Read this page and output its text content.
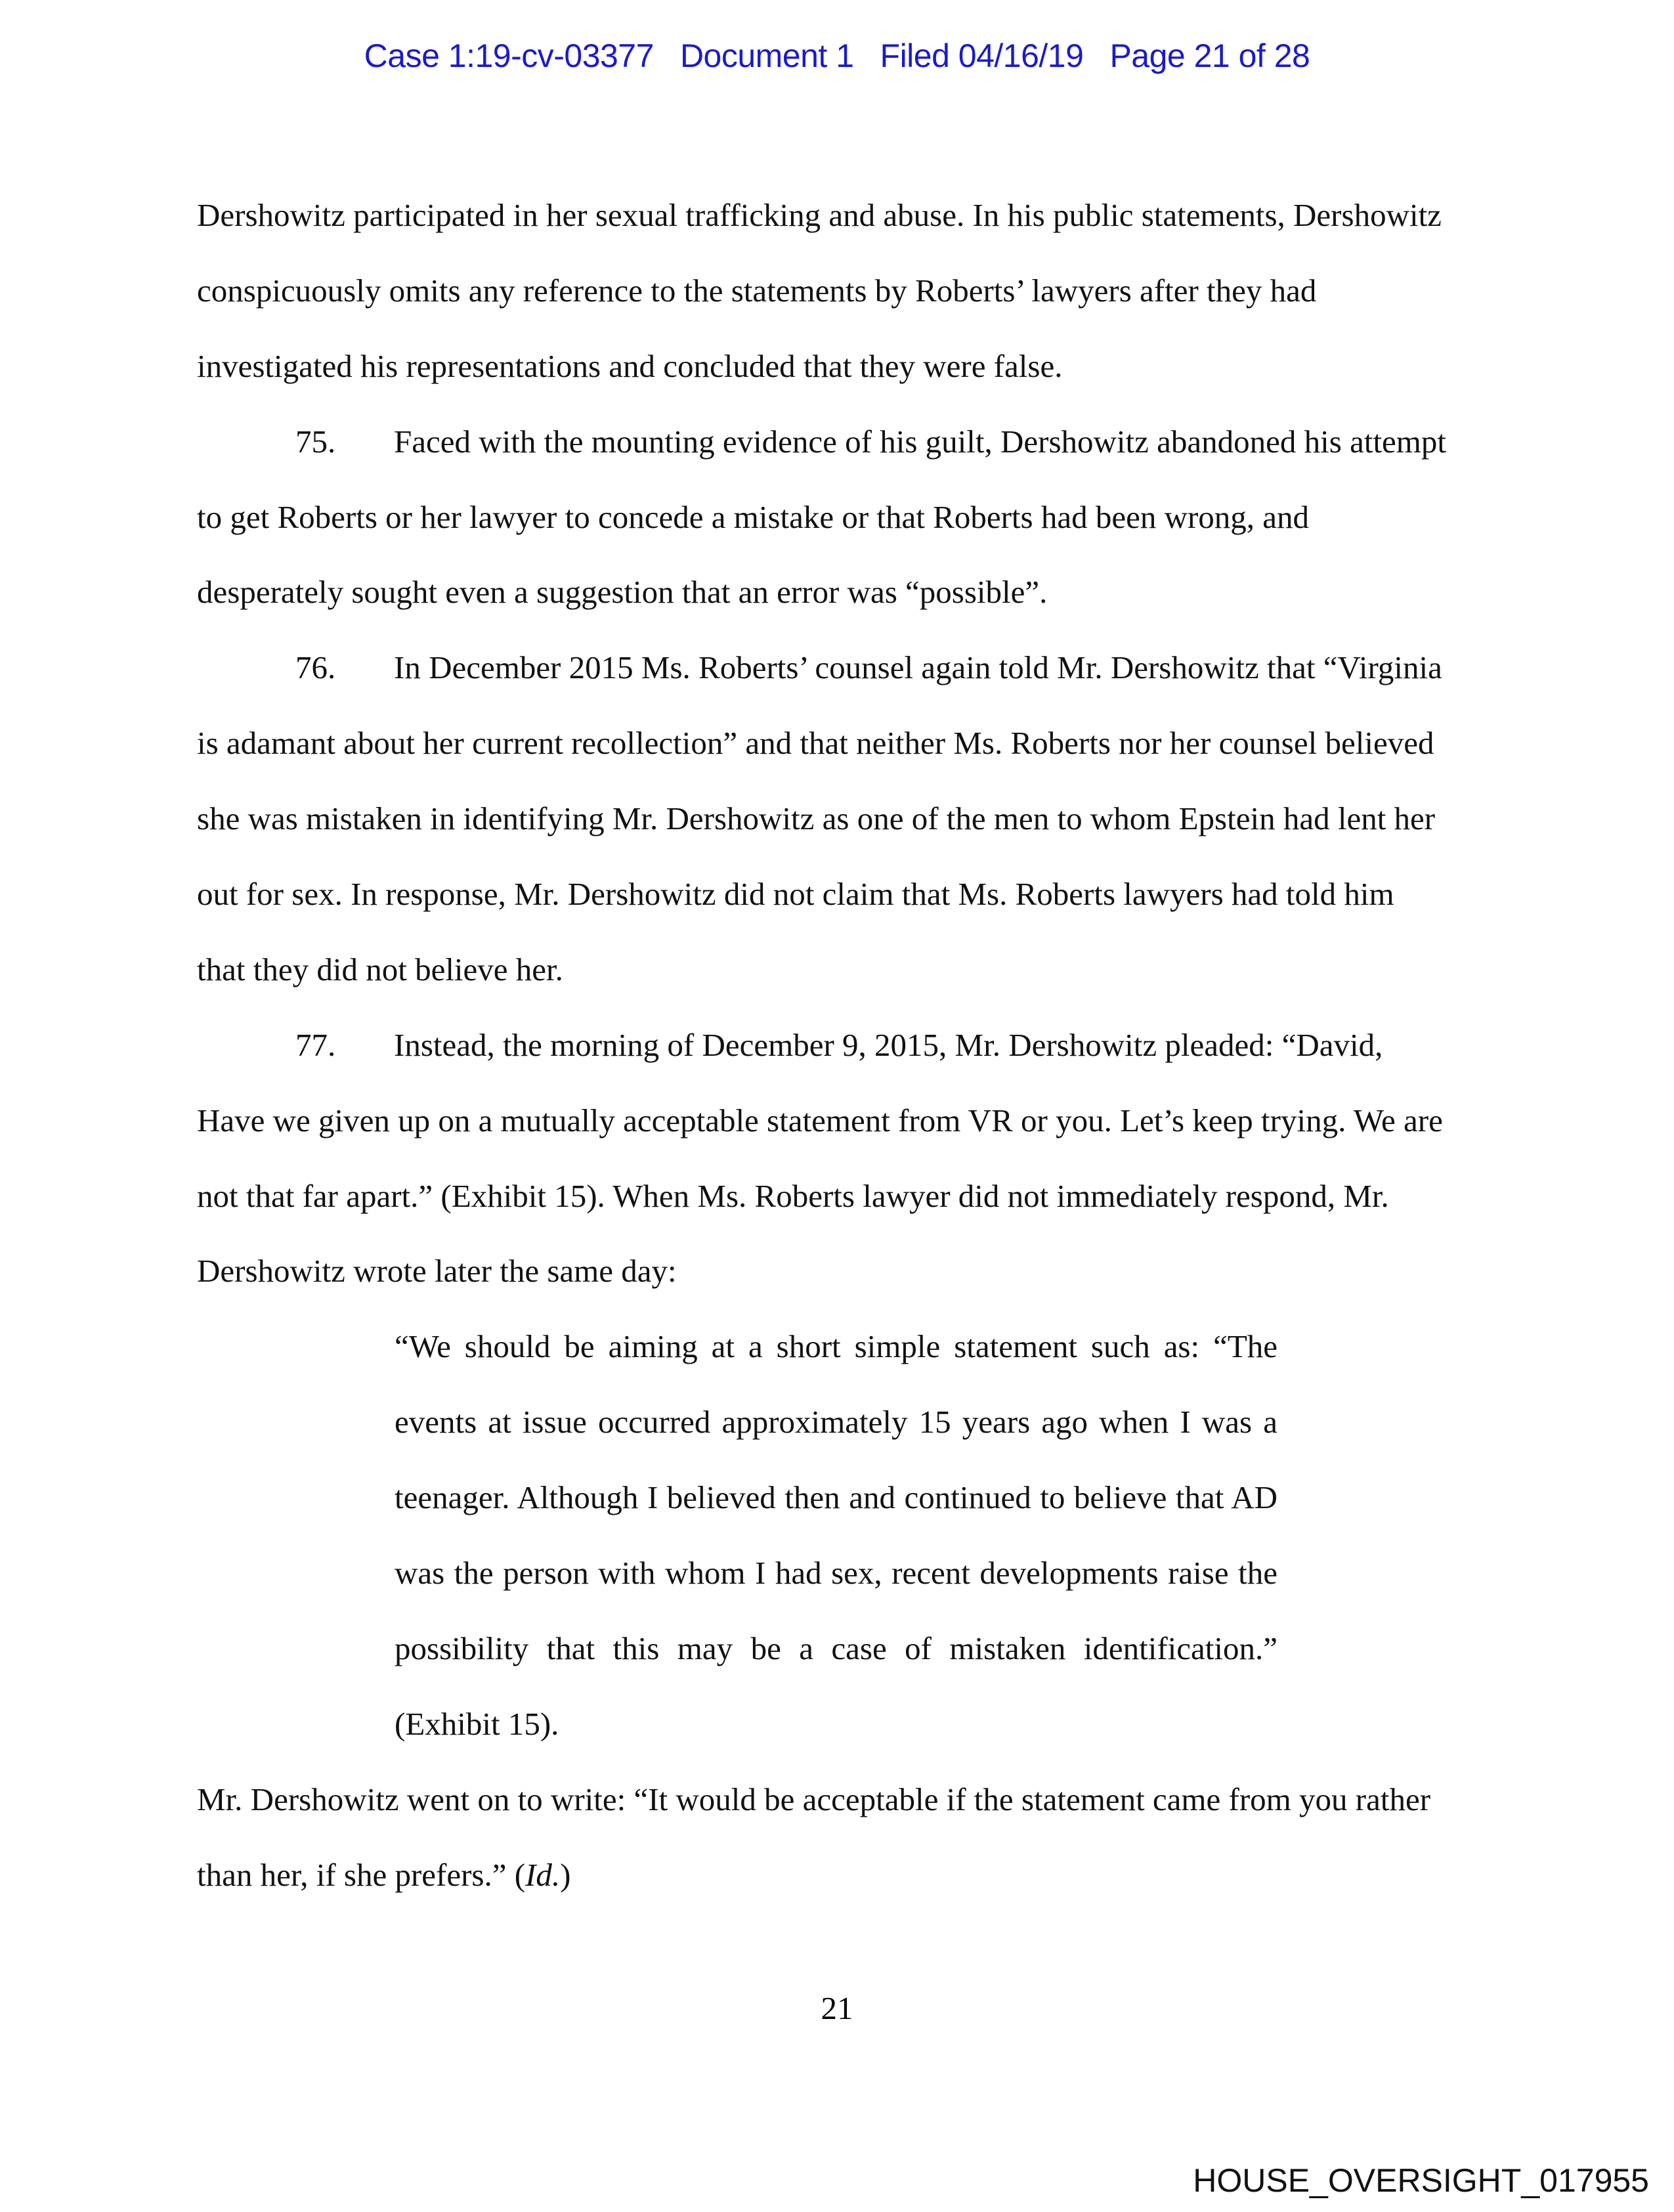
Case 1:19-cv-03377 Document 1 Filed 04/16/19 Page 21 of 28
Dershowitz participated in her sexual trafficking and abuse. In his public statements, Dershowitz
conspicuously omits any reference to the statements by Roberts’ lawyers after they had
investigated his representations and concluded that they were false.
75. Faced with the mounting evidence of his guilt, Dershowitz abandoned his attempt
to get Roberts or her lawyer to concede a mistake or that Roberts had been wrong, and
desperately sought even a suggestion that an error was “possible”.
76. In December 2015 Ms. Roberts’ counsel again told Mr. Dershowitz that “Virginia
is adamant about her current recollection” and that neither Ms. Roberts nor her counsel believed
she was mistaken in identifying Mr. Dershowitz as one of the men to whom Epstein had lent her
out for sex. In response, Mr. Dershowitz did not claim that Ms. Roberts lawyers had told him
that they did not believe her.
77. Instead, the morning of December 9, 2015, Mr. Dershowitz pleaded: “David,
Have we given up on a mutually acceptable statement from VR or you. Let’s keep trying. We are
not that far apart.” (Exhibit 15). When Ms. Roberts lawyer did not immediately respond, Mr.
Dershowitz wrote later the same day:
“We should be aiming at a short simple statement such as: “The
events at issue occurred approximately 15 years ago when I was a
teenager. Although I believed then and continued to believe that AD
was the person with whom I had sex, recent developments raise the
possibility that this may be a case of mistaken identification.”
(Exhibit 15).
Mr. Dershowitz went on to write: “It would be acceptable if the statement came from you rather
than her, if she prefers.” (Id.)
21
HOUSE_OVERSIGHT_017955
